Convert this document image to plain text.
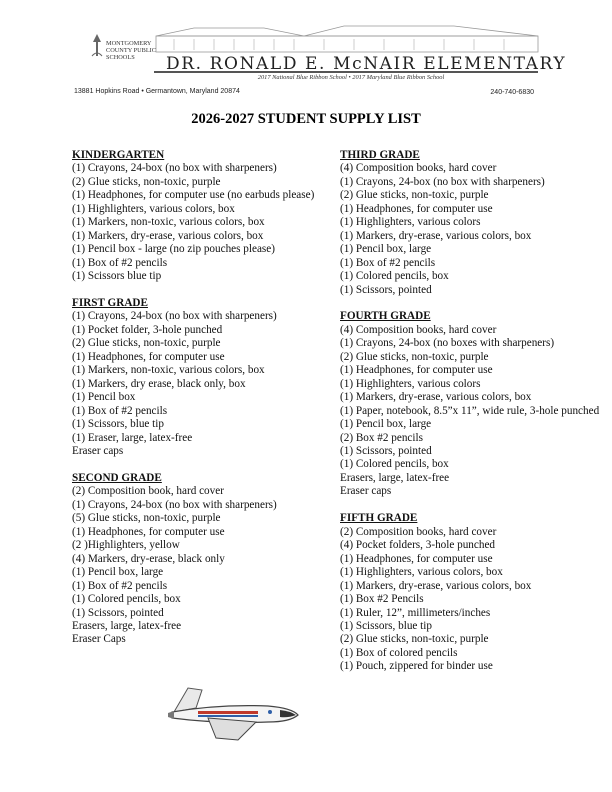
MONTGOMERY COUNTY PUBLIC SCHOOLS	DR. RONALD E. McNAIR ELEMENTARY
2017 National Blue Ribbon School • 2017 Maryland Blue Ribbon School
13881 Hopkins Road • Germantown, Maryland 20874	240-740-6830
2026-2027 STUDENT SUPPLY LIST

KINDERGARTEN

(1) Crayons, 24-box (no box with sharpeners)

(2) Glue sticks, non-toxic, purple

(1) Headphones, for computer use (no earbuds please)

(1) Highlighters, various colors, box

(1) Markers, non-toxic, various colors, box

(1) Markers, dry-erase, various colors, box

(1) Pencil box - large (no zip pouches please)

(1) Box of #2 pencils

(1) Scissors blue tip

FIRST GRADE

(1) Crayons, 24-box (no box with sharpeners)

(1) Pocket folder, 3-hole punched

(2) Glue sticks, non-toxic, purple

(1) Headphones, for computer use

(1) Markers, non-toxic, various colors, box

(1) Markers, dry erase, black only, box

(1) Pencil box

(1) Box of #2 pencils

(1) Scissors, blue tip

(1) Eraser, large, latex-free

Eraser caps

SECOND GRADE

(2) Composition book, hard cover

(1) Crayons, 24-box (no box with sharpeners)

(5) Glue sticks, non-toxic, purple

(1) Headphones, for computer use

(2 )Highlighters, yellow

(4) Markers, dry-erase, black only

(1) Pencil box, large

(1) Box of #2 pencils

(1) Colored pencils, box

(1) Scissors, pointed

Erasers, large, latex-free

Eraser Caps

THIRD GRADE

(4) Composition books, hard cover

(1) Crayons, 24-box (no box with sharpeners)

(2) Glue sticks, non-toxic, purple

(1) Headphones, for computer use

(1) Highlighters, various colors

(1) Markers, dry-erase, various colors, box

(1) Pencil box, large

(1) Box of #2 pencils

(1) Colored pencils, box

(1) Scissors, pointed

FOURTH GRADE

(4) Composition books, hard cover

(1) Crayons, 24-box (no boxes with sharpeners)

(2) Glue sticks, non-toxic, purple

(1) Headphones, for computer use

(1) Highlighters, various colors

(1) Markers, dry-erase, various colors, box

(1) Paper, notebook, 8.5”x 11”, wide rule, 3-hole punched

(1) Pencil box, large

(2) Box #2 pencils

(1) Scissors, pointed

(1) Colored pencils, box

Erasers, large, latex-free

Eraser caps

FIFTH GRADE

(2) Composition books, hard cover

(4) Pocket folders, 3-hole punched

(1) Headphones, for computer use

(1) Highlighters, various colors, box

(1) Markers, dry-erase, various colors, box

(1) Box #2 Pencils

(1) Ruler, 12”, millimeters/inches

(1) Scissors, blue tip

(2) Glue sticks, non-toxic, purple

(1) Box of colored pencils

(1) Pouch, zippered for binder use
